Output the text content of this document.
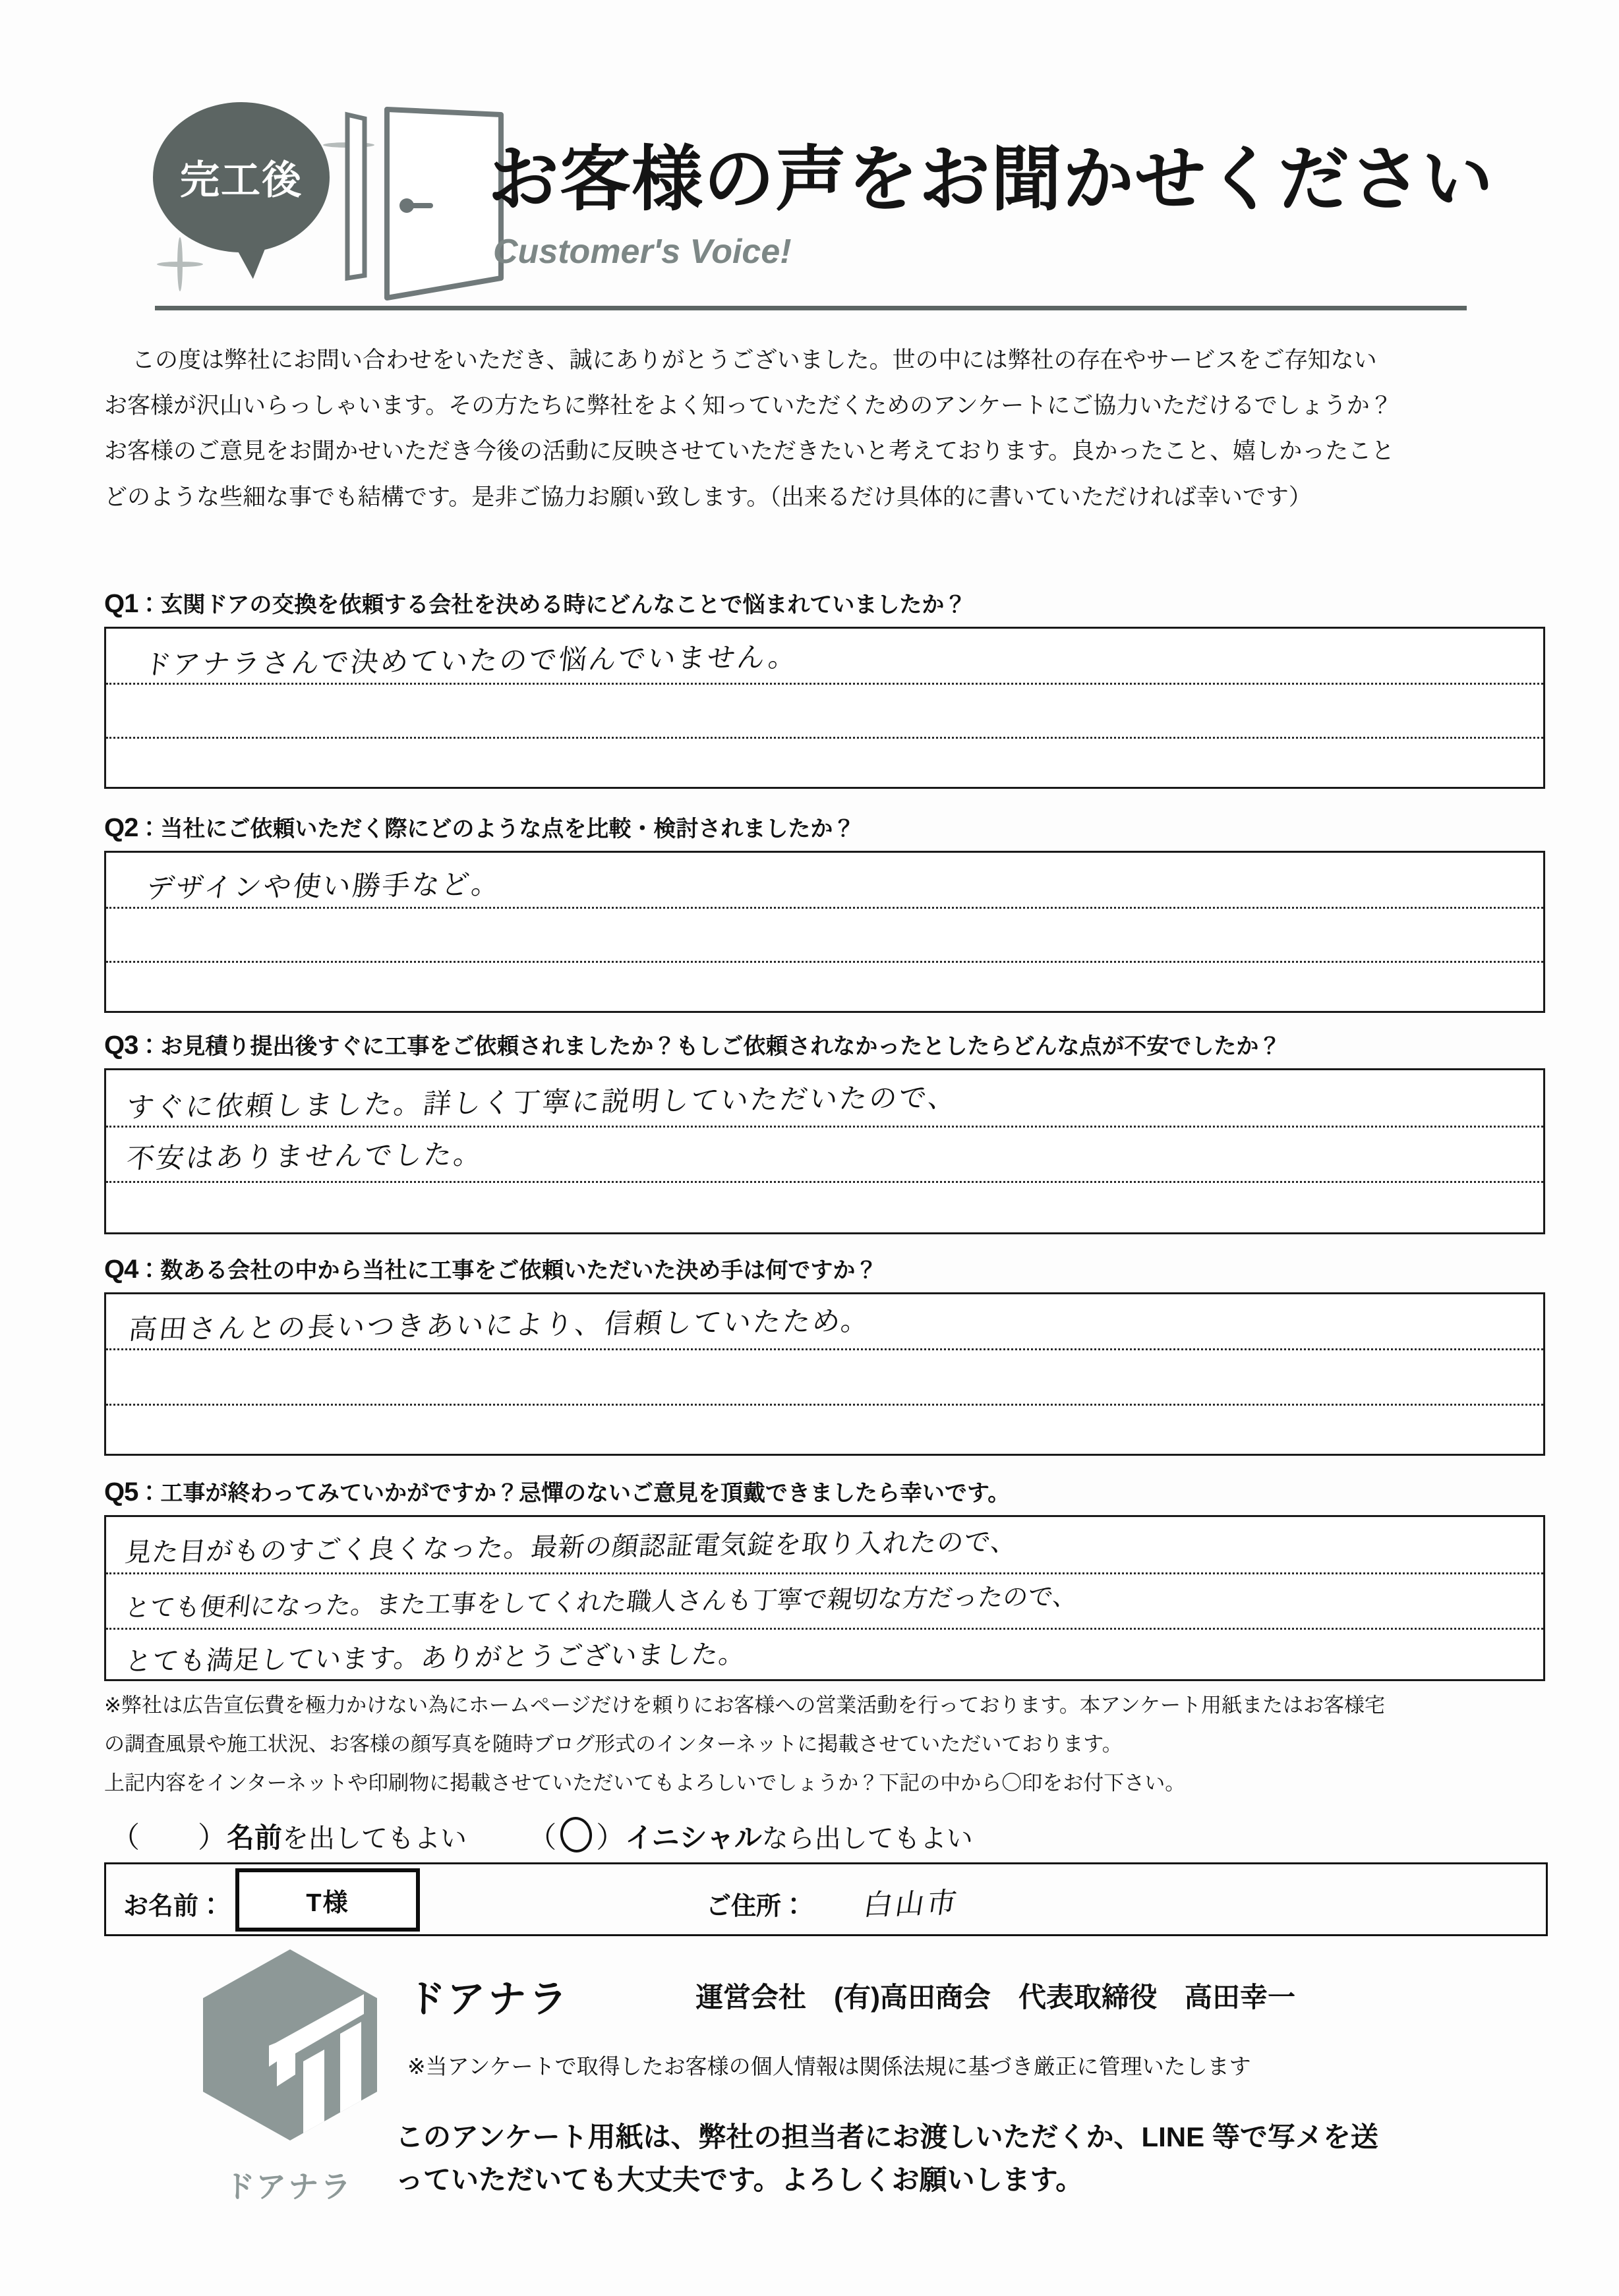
完工後	お客様の声をお聞かせください
Customer's Voice!

この度は弊社にお問い合わせをいただき、誠にありがとうございました。世の中には弊社の存在やサービスをご存知ない

お客様が沢山いらっしゃいます。その方たちに弊社をよく知っていただくためのアンケートにご協力いただけるでしょうか？

お客様のご意見をお聞かせいただき今後の活動に反映させていただきたいと考えております。良かったこと、嬉しかったこと

どのような些細な事でも結構です。是非ご協力お願い致します。（出来るだけ具体的に書いていただければ幸いです）

Q1：玄関ドアの交換を依頼する会社を決める時にどんなことで悩まれていましたか？
ドアナラさんで決めていたので悩んでいません。
Q2：当社にご依頼いただく際にどのような点を比較・検討されましたか？
デザインや使い勝手など。
Q3：お見積り提出後すぐに工事をご依頼されましたか？もしご依頼されなかったとしたらどんな点が不安でしたか？
すぐに依頼しました。詳しく丁寧に説明していただいたので、
不安はありませんでした。
Q4：数ある会社の中から当社に工事をご依頼いただいた決め手は何ですか？
高田さんとの長いつきあいにより、信頼していたため。
Q5：工事が終わってみていかがですか？忌憚のないご意見を頂戴できましたら幸いです。
見た目がものすごく良くなった。最新の顔認証電気錠を取り入れたので、
とても便利になった。また工事をしてくれた職人さんも丁寧で親切な方だったので、
とても満足しています。ありがとうございました。

※弊社は広告宣伝費を極力かけない為にホームページだけを頼りにお客様への営業活動を行っております。本アンケート用紙またはお客様宅

の調査風景や施工状況、お客様の顔写真を随時ブログ形式のインターネットに掲載させていただいております。

上記内容をインターネットや印刷物に掲載させていただいてもよろしいでしょうか？下記の中から〇印をお付下さい。

（　　）名前を出してもよい （ ）イニシャルなら出してもよい
お名前：	T様	ご住所： 白山市
ドアナラ
ドアナラ	運営会社　(有)高田商会　代表取締役　高田幸一
※当アンケートで取得したお客様の個人情報は関係法規に基づき厳正に管理いたします
このアンケート用紙は、弊社の担当者にお渡しいただくか、LINE 等で写メを送
っていただいても大丈夫です。よろしくお願いします。
